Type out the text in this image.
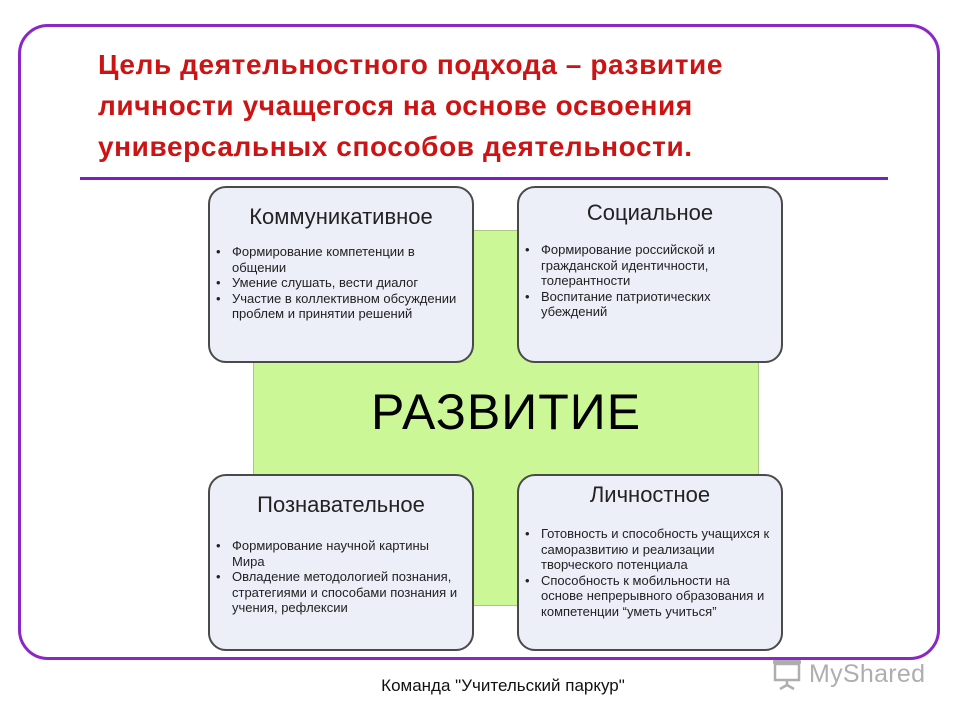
Цель деятельностного подхода – развитие
личности учащегося на основе освоения
универсальных способов деятельности.
РАЗВИТИЕ
Коммуникативное
• Формирование компетенции в общении
• Умение слушать, вести диалог
• Участие в коллективном обсуждении проблем и принятии решений
Социальное
• Формирование российской и гражданской идентичности, толерантности
• Воспитание патриотических убеждений
Познавательное
• Формирование научной картины Мира
• Овладение методологией познания, стратегиями и способами познания и учения, рефлексии
Личностное
• Готовность и способность учащихся к саморазвитию и реализации творческого потенциала
• Способность к мобильности на основе непрерывного образования и компетенции “уметь учиться”
Команда "Учительский паркур"	MyShared
